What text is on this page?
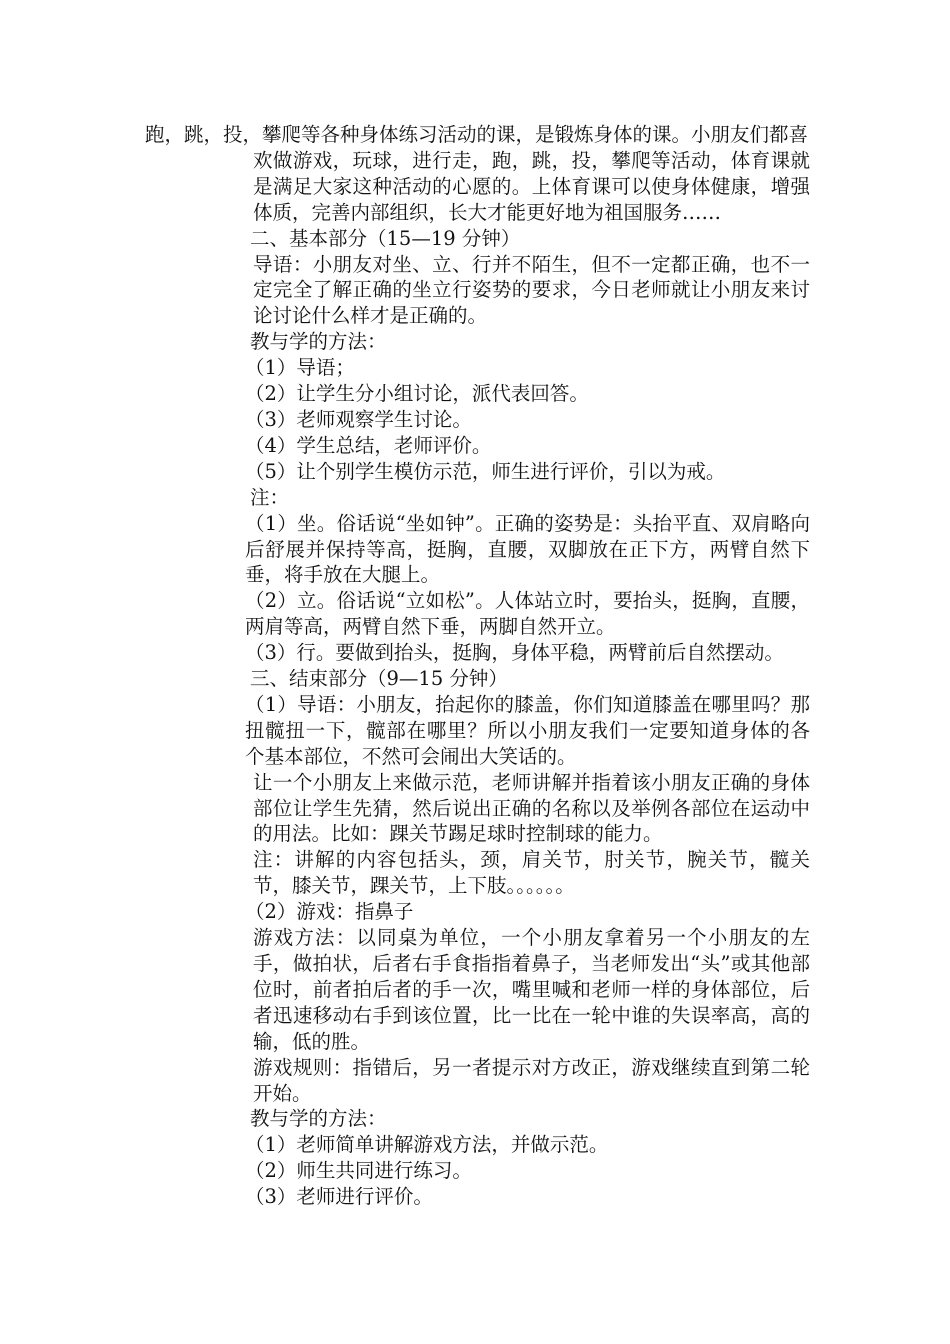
跑，跳，投，攀爬等各种身体练习活动的课，是锻炼身体的课。小朋友们都喜

欢做游戏，玩球，进行走，跑，跳，投，攀爬等活动，体育课就是满足大家这种活动的心愿的。上体育课可以使身体健康，增强体质，完善内部组织，长大才能更好地为祖国服务……

二、基本部分（15—19 分钟）

导语：小朋友对坐、立、行并不陌生，但不一定都正确，也不一定完全了解正确的坐立行姿势的要求，今日老师就让小朋友来讨论讨论什么样才是正确的。

教与学的方法：

（1）导语；

（2）让学生分小组讨论，派代表回答。

（3）老师观察学生讨论。

（4）学生总结，老师评价。

（5）让个别学生模仿示范，师生进行评价，引以为戒。

注：

（1）坐。俗话说“坐如钟”。正确的姿势是：头抬平直、双肩略向后舒展并保持等高，挺胸，直腰，双脚放在正下方，两臂自然下垂，将手放在大腿上。

（2）立。俗话说“立如松”。人体站立时，要抬头，挺胸，直腰，两肩等高，两臂自然下垂，两脚自然开立。

（3）行。要做到抬头，挺胸，身体平稳，两臂前后自然摆动。

三、结束部分（9—15 分钟）

（1）导语：小朋友，抬起你的膝盖，你们知道膝盖在哪里吗？那扭髋扭一下，髋部在哪里？所以小朋友我们一定要知道身体的各个基本部位，不然可会闹出大笑话的。

让一个小朋友上来做示范，老师讲解并指着该小朋友正确的身体部位让学生先猜，然后说出正确的名称以及举例各部位在运动中的用法。比如：踝关节踢足球时控制球的能力。

注：讲解的内容包括头，颈，肩关节，肘关节，腕关节，髋关节，膝关节，踝关节，上下肢。。。。。。

（2）游戏：指鼻子

游戏方法：以同桌为单位，一个小朋友拿着另一个小朋友的左手，做拍状，后者右手食指指着鼻子，当老师发出“头”或其他部位时，前者拍后者的手一次，嘴里喊和老师一样的身体部位，后者迅速移动右手到该位置，比一比在一轮中谁的失误率高，高的输，低的胜。

游戏规则：指错后，另一者提示对方改正，游戏继续直到第二轮开始。

教与学的方法：

（1）老师简单讲解游戏方法，并做示范。

（2）师生共同进行练习。

（3）老师进行评价。
